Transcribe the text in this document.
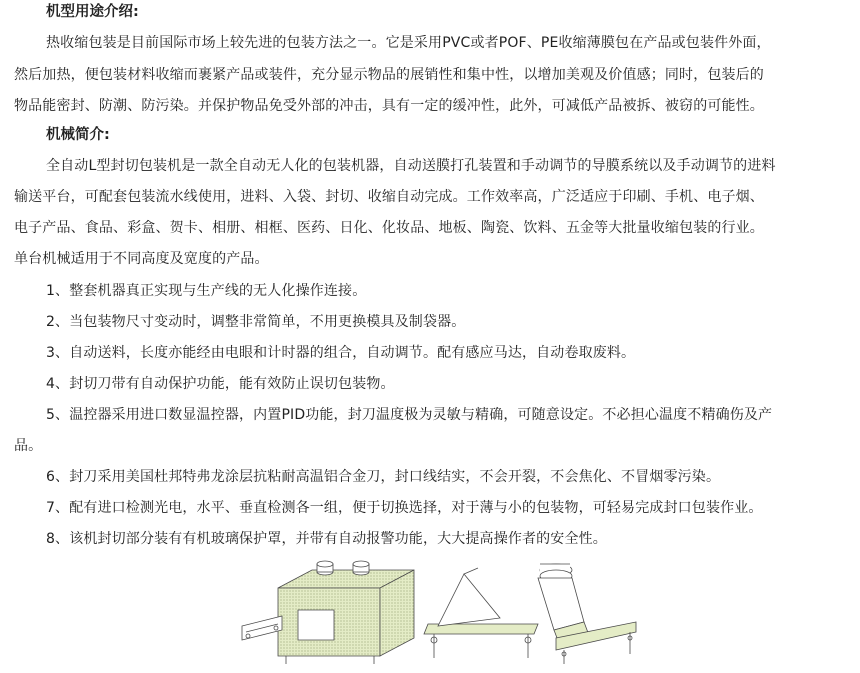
机型用途介绍:
热收缩包装是目前国际市场上较先进的包装方法之一。它是采用PVC或者POF、PE收缩薄膜包在产品或包装件外面，
然后加热，便包装材料收缩而裹紧产品或装件，充分显示物品的展销性和集中性，以增加美观及价值感；同时，包装后的
物品能密封、防潮、防污染。并保护物品免受外部的冲击，具有一定的缓冲性，此外，可减低产品被拆、被窃的可能性。
机械简介:
全自动L型封切包装机是一款全自动无人化的包装机器，自动送膜打孔装置和手动调节的导膜系统以及手动调节的进料
输送平台，可配套包装流水线使用，进料、入袋、封切、收缩自动完成。工作效率高，广泛适应于印刷、手机、电子烟、
电子产品、食品、彩盒、贺卡、相册、相框、医药、日化、化妆品、地板、陶瓷、饮料、五金等大批量收缩包装的行业。
单台机械适用于不同高度及宽度的产品。
1、整套机器真正实现与生产线的无人化操作连接。
2、当包装物尺寸变动时，调整非常简单，不用更换模具及制袋器。
3、自动送料，长度亦能经由电眼和计时器的组合，自动调节。配有感应马达，自动卷取废料。
4、封切刀带有自动保护功能，能有效防止误切包装物。
5、温控器采用进口数显温控器，内置PID功能，封刀温度极为灵敏与精确，可随意设定。不必担心温度不精确伤及产
品。
6、封刀采用美国杜邦特弗龙涂层抗粘耐高温铝合金刀，封口线结实，不会开裂，不会焦化、不冒烟零污染。
7、配有进口检测光电，水平、垂直检测各一组，便于切换选择，对于薄与小的包装物，可轻易完成封口包装作业。
8、该机封切部分装有有机玻璃保护罩，并带有自动报警功能，大大提高操作者的安全性。
